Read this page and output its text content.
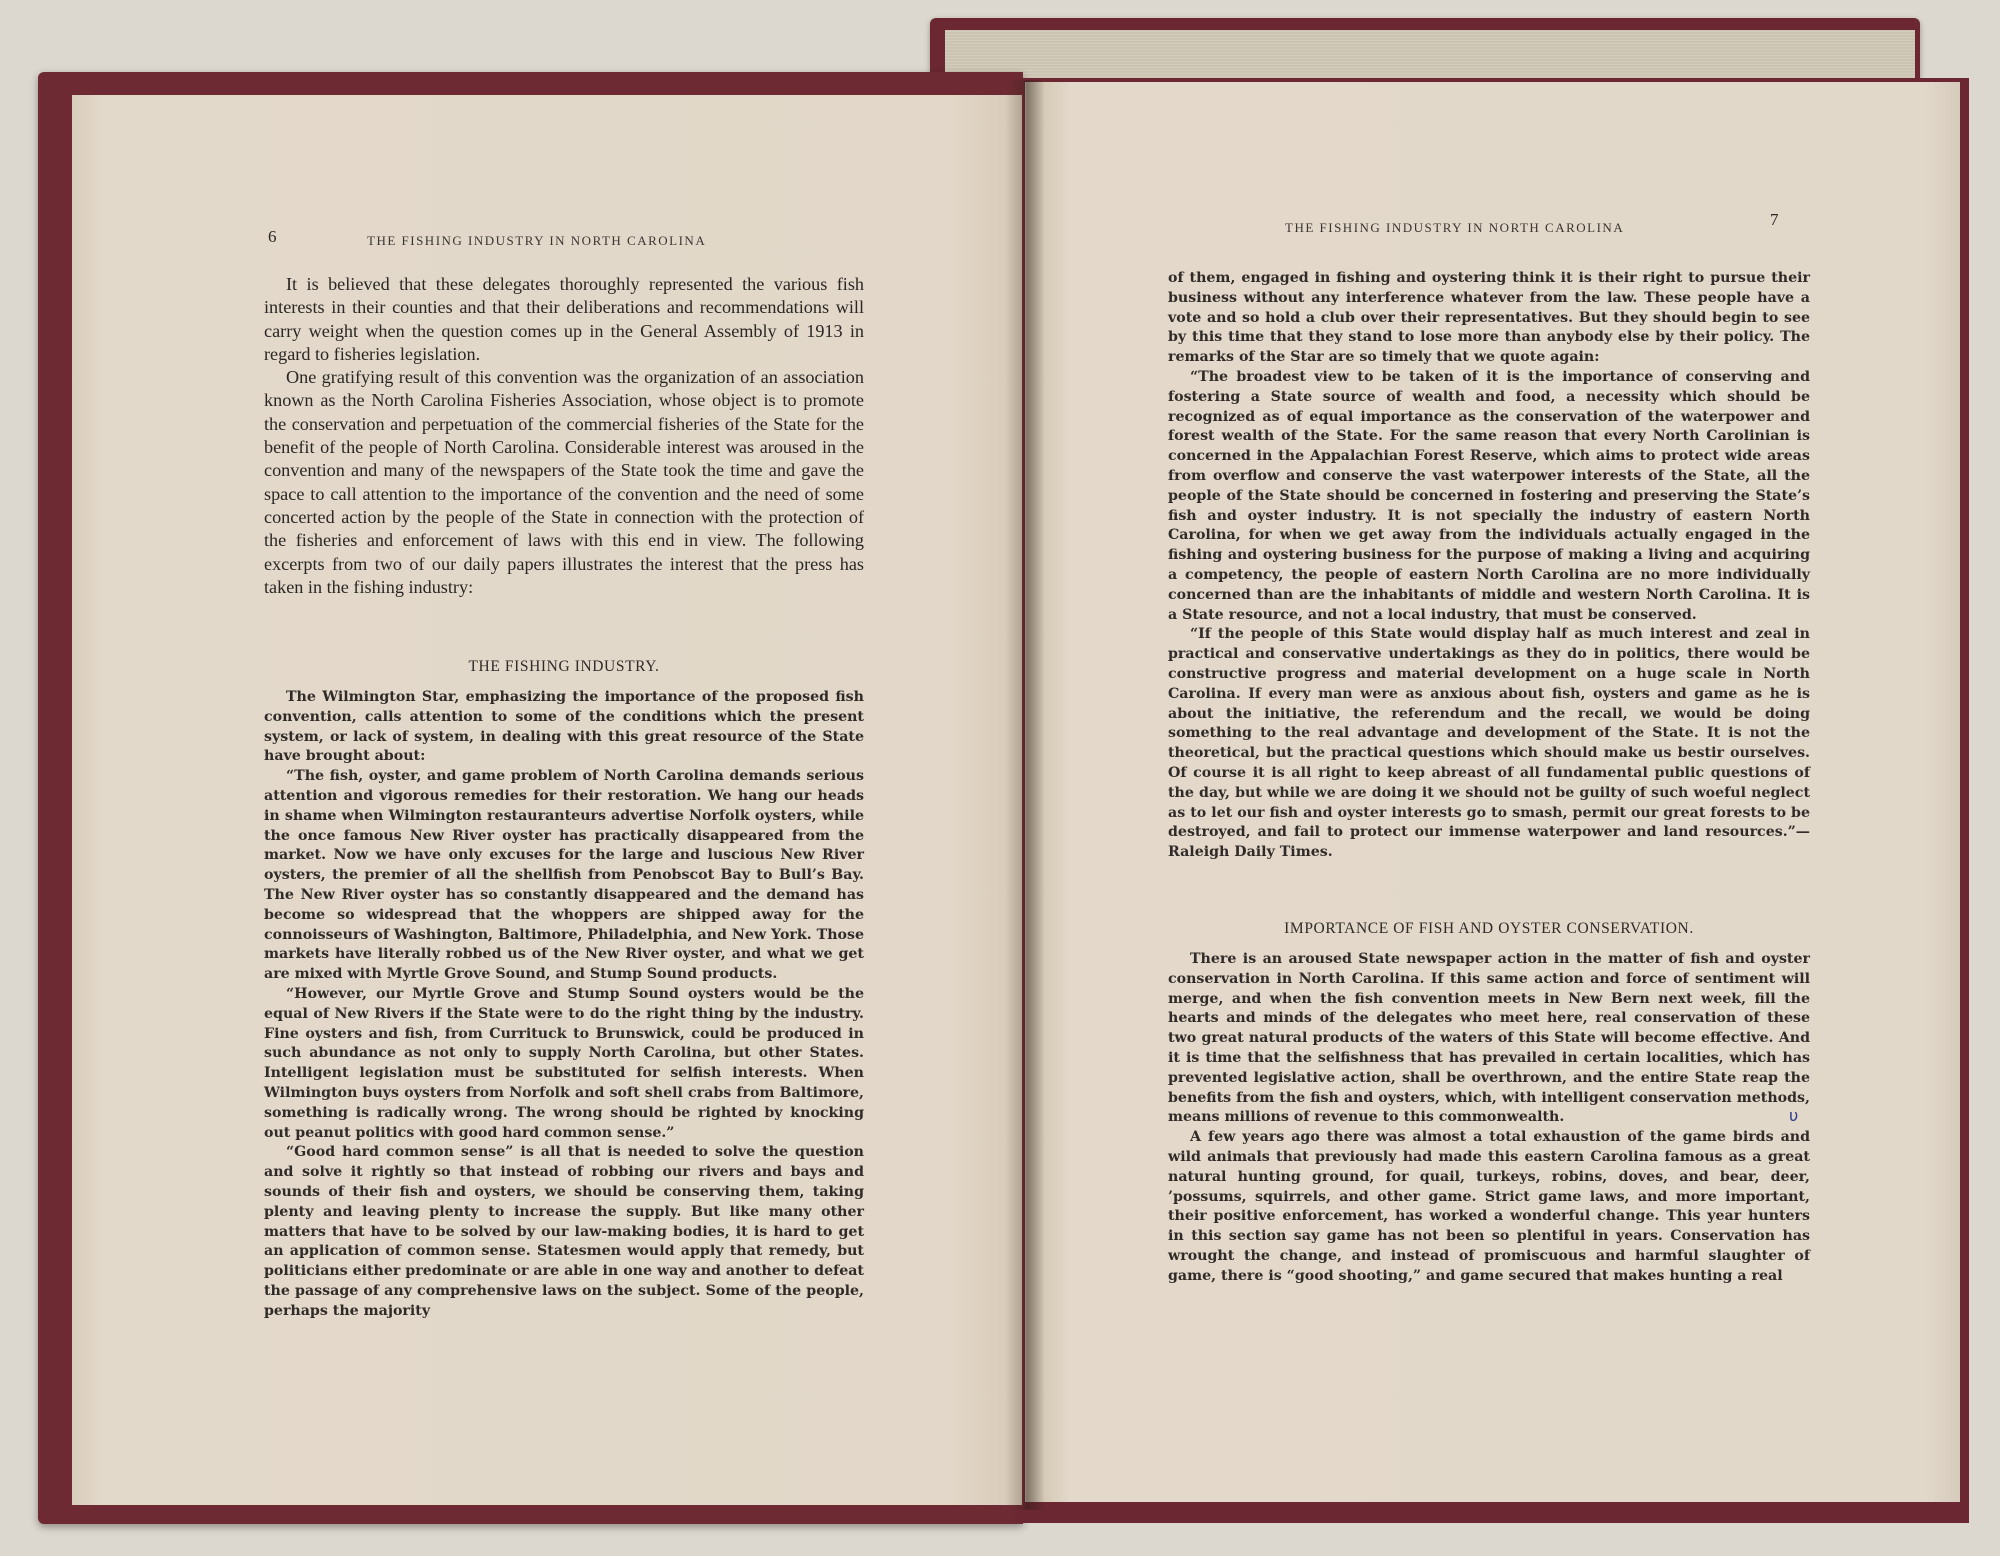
6	THE FISHING INDUSTRY IN NORTH CAROLINA

It is believed that these delegates thoroughly represented the various fish interests in their counties and that their deliberations and recommendations will carry weight when the question comes up in the General Assembly of 1913 in regard to fisheries legislation.

One gratifying result of this convention was the organization of an association known as the North Carolina Fisheries Association, whose object is to promote the conservation and perpetuation of the commercial fisheries of the State for the benefit of the people of North Carolina. Considerable interest was aroused in the convention and many of the newspapers of the State took the time and gave the space to call attention to the importance of the convention and the need of some concerted action by the people of the State in connection with the protection of the fisheries and enforcement of laws with this end in view. The following excerpts from two of our daily papers illustrates the interest that the press has taken in the fishing industry:

THE FISHING INDUSTRY.

The Wilmington Star, emphasizing the importance of the proposed fish convention, calls attention to some of the conditions which the present system, or lack of system, in dealing with this great resource of the State have brought about:

“The fish, oyster, and game problem of North Carolina demands serious attention and vigorous remedies for their restoration. We hang our heads in shame when Wilmington restauranteurs advertise Norfolk oysters, while the once famous New River oyster has practically disappeared from the market. Now we have only excuses for the large and luscious New River oysters, the premier of all the shellfish from Penobscot Bay to Bull’s Bay. The New River oyster has so constantly disappeared and the demand has become so widespread that the whoppers are shipped away for the connoisseurs of Washington, Baltimore, Philadelphia, and New York. Those markets have literally robbed us of the New River oyster, and what we get are mixed with Myrtle Grove Sound, and Stump Sound products.

“However, our Myrtle Grove and Stump Sound oysters would be the equal of New Rivers if the State were to do the right thing by the industry. Fine oysters and fish, from Currituck to Brunswick, could be produced in such abundance as not only to supply North Carolina, but other States. Intelligent legislation must be substituted for selfish interests. When Wilmington buys oysters from Norfolk and soft shell crabs from Baltimore, something is radically wrong. The wrong should be righted by knocking out peanut politics with good hard common sense.”

“Good hard common sense” is all that is needed to solve the question and solve it rightly so that instead of robbing our rivers and bays and sounds of their fish and oysters, we should be conserving them, taking plenty and leaving plenty to increase the supply. But like many other matters that have to be solved by our law-making bodies, it is hard to get an application of common sense. Statesmen would apply that remedy, but politicians either predominate or are able in one way and another to defeat the passage of any comprehensive laws on the subject. Some of the people, perhaps the majority

THE FISHING INDUSTRY IN NORTH CAROLINA	7

of them, engaged in fishing and oystering think it is their right to pursue their business without any interference whatever from the law. These people have a vote and so hold a club over their representatives. But they should begin to see by this time that they stand to lose more than anybody else by their policy. The remarks of the Star are so timely that we quote again:

“The broadest view to be taken of it is the importance of conserving and fostering a State source of wealth and food, a necessity which should be recognized as of equal importance as the conservation of the waterpower and forest wealth of the State. For the same reason that every North Carolinian is concerned in the Appalachian Forest Reserve, which aims to protect wide areas from overflow and conserve the vast waterpower interests of the State, all the people of the State should be concerned in fostering and preserving the State’s fish and oyster industry. It is not specially the industry of eastern North Carolina, for when we get away from the individuals actually engaged in the fishing and oystering business for the purpose of making a living and acquiring a competency, the people of eastern North Carolina are no more individually concerned than are the inhabitants of middle and western North Carolina. It is a State resource, and not a local industry, that must be conserved.

“If the people of this State would display half as much interest and zeal in practical and conservative undertakings as they do in politics, there would be constructive progress and material development on a huge scale in North Carolina. If every man were as anxious about fish, oysters and game as he is about the initiative, the referendum and the recall, we would be doing something to the real advantage and development of the State. It is not the theoretical, but the practical questions which should make us bestir ourselves. Of course it is all right to keep abreast of all fundamental public questions of the day, but while we are doing it we should not be guilty of such woeful neglect as to let our fish and oyster interests go to smash, permit our great forests to be destroyed, and fail to protect our immense waterpower and land resources.”—Raleigh Daily Times.

IMPORTANCE OF FISH AND OYSTER CONSERVATION.

There is an aroused State newspaper action in the matter of fish and oyster conservation in North Carolina. If this same action and force of sentiment will merge, and when the fish convention meets in New Bern next week, fill the hearts and minds of the delegates who meet here, real conservation of these two great natural products of the waters of this State will become effective. And it is time that the selfishness that has prevailed in certain localities, which has prevented legislative action, shall be overthrown, and the entire State reap the benefits from the fish and oysters, which, with intelligent conservation methods, means millions of revenue to this commonwealth.

A few years ago there was almost a total exhaustion of the game birds and wild animals that previously had made this eastern Carolina famous as a great natural hunting ground, for quail, turkeys, robins, doves, and bear, deer, ’possums, squirrels, and other game. Strict game laws, and more important, their positive enforcement, has worked a wonderful change. This year hunters in this section say game has not been so plentiful in years. Conservation has wrought the change, and instead of promiscuous and harmful slaughter of game, there is “good shooting,” and game secured that makes hunting a real

υ
